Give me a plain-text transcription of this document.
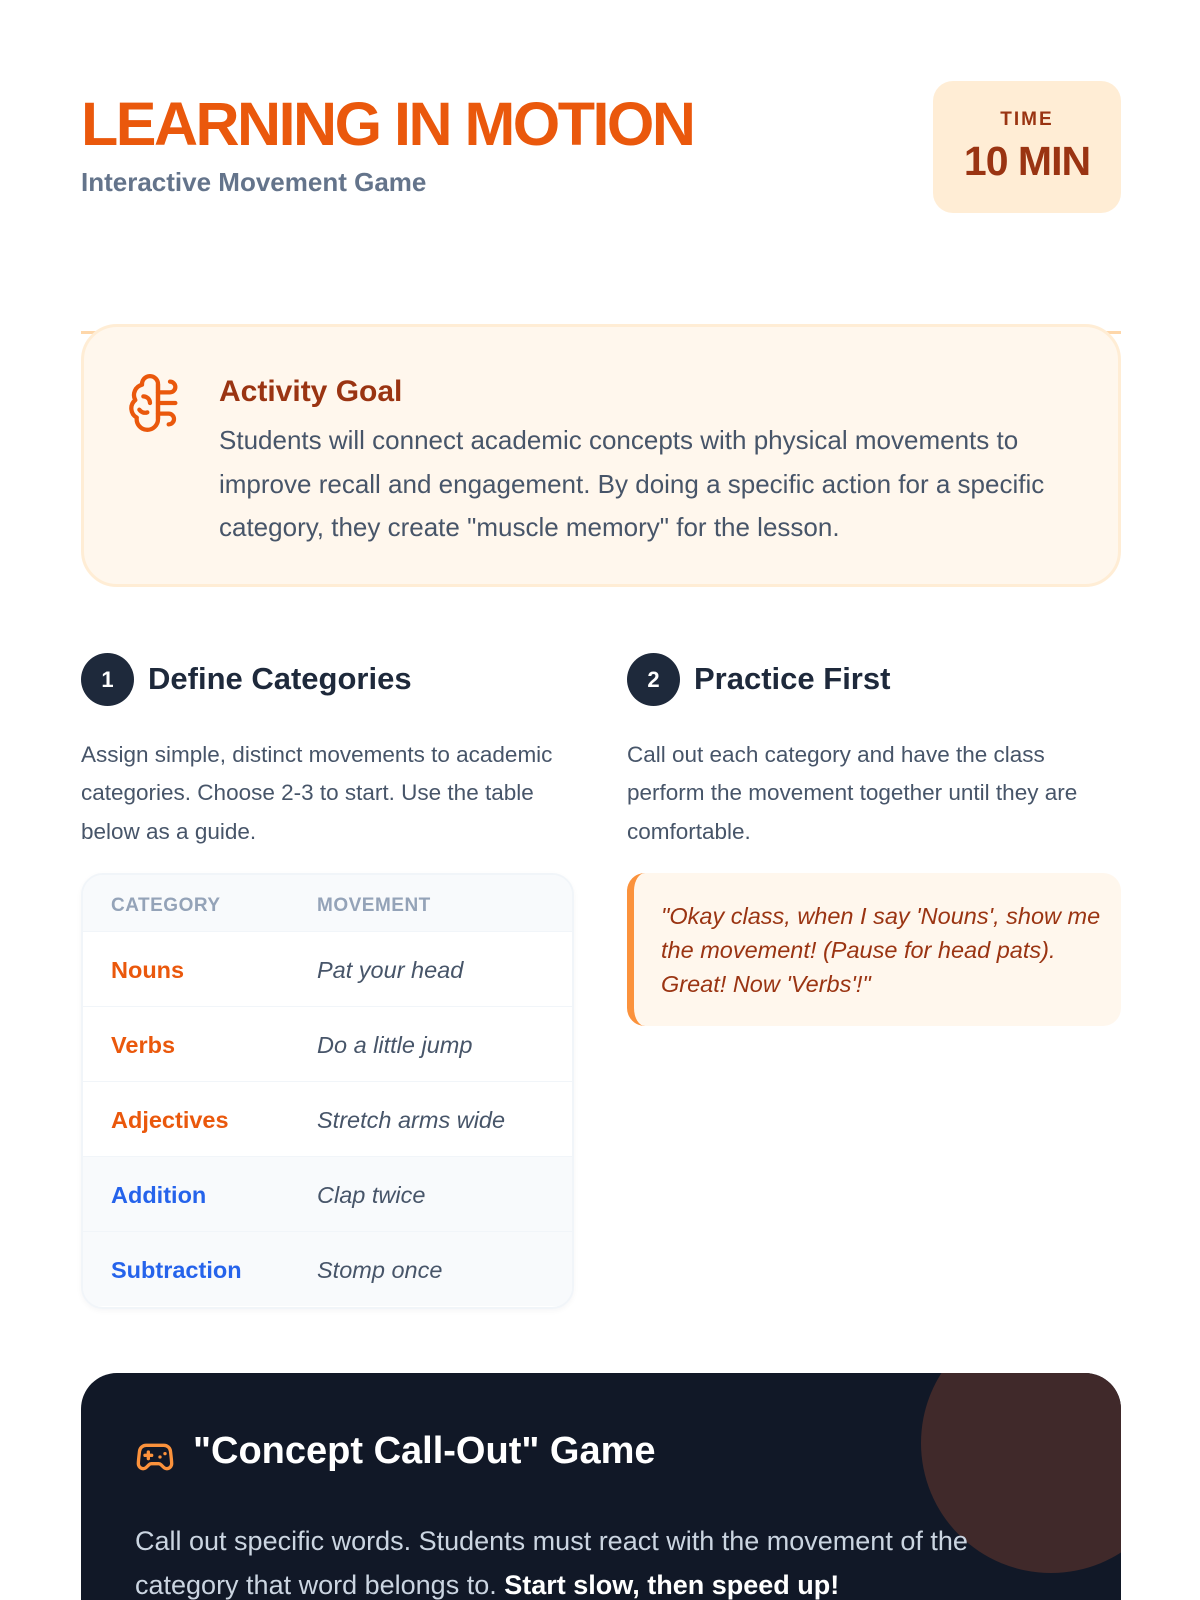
LEARNING IN MOTION
Interactive Movement Game
TIME
10 MIN
Activity Goal
Students will connect academic concepts with physical movements to improve recall and engagement. By doing a specific action for a specific category, they create "muscle memory" for the lesson.
1	Define Categories
Assign simple, distinct movements to academic categories. Choose 2-3 to start. Use the table below as a guide.
2	Practice First
Call out each category and have the class perform the movement together until they are comfortable.
CATEGORY	MOVEMENT
Nouns	Pat your head
Verbs	Do a little jump
Adjectives	Stretch arms wide
Addition	Clap twice
Subtraction	Stomp once
"Okay class, when I say 'Nouns', show me the movement! (Pause for head pats). Great! Now 'Verbs'!"
"Concept Call-Out" Game
Call out specific words. Students must react with the movement of the category that word belongs to. Start slow, then speed up!
